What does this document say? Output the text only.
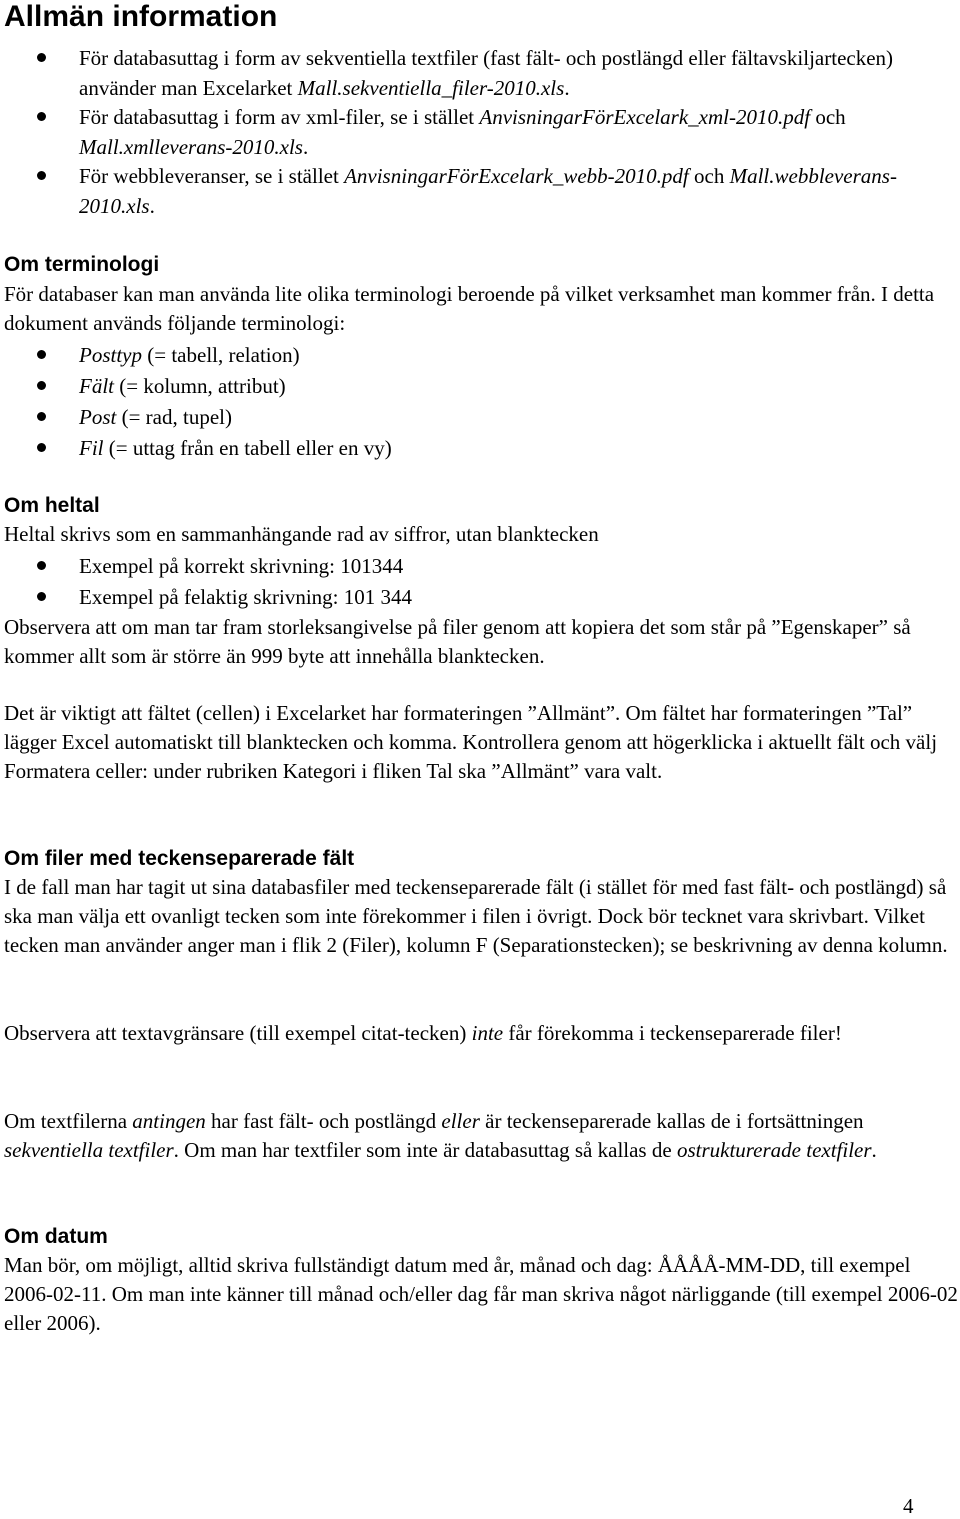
Allmän information
För databasuttag i form av sekventiella textfiler (fast fält- och postlängd eller fältavskiljartecken) använder man Excelarket Mall.sekventiella_filer-2010.xls.
För databasuttag i form av xml-filer, se i stället AnvisningarFörExcelark_xml-2010.pdf och Mall.xmlleverans-2010.xls.
För webbleveranser, se i stället AnvisningarFörExcelark_webb-2010.pdf och Mall.webbleverans-2010.xls.
Om terminologi
För databaser kan man använda lite olika terminologi beroende på vilket verksamhet man kommer från. I detta dokument används följande terminologi:
Posttyp (= tabell, relation)
Fält (= kolumn, attribut)
Post (= rad, tupel)
Fil (= uttag från en tabell eller en vy)
Om heltal
Heltal skrivs som en sammanhängande rad av siffror, utan blanktecken
Exempel på korrekt skrivning: 101344
Exempel på felaktig skrivning: 101 344
Observera att om man tar fram storleksangivelse på filer genom att kopiera det som står på ”Egenskaper” så kommer allt som är större än 999 byte att innehålla blanktecken.
Det är viktigt att fältet (cellen) i Excelarket har formateringen ”Allmänt”. Om fältet har formateringen ”Tal” lägger Excel automatiskt till blanktecken och komma. Kontrollera genom att högerklicka i aktuellt fält och välj Formatera celler: under rubriken Kategori i fliken Tal ska ”Allmänt” vara valt.
Om filer med teckenseparerade fält
I de fall man har tagit ut sina databasfiler med teckenseparerade fält (i stället för med fast fält- och postlängd) så ska man välja ett ovanligt tecken som inte förekommer i filen i övrigt. Dock bör tecknet vara skrivbart. Vilket tecken man använder anger man i flik 2 (Filer), kolumn F (Separationstecken); se beskrivning av denna kolumn.
Observera att textavgränsare (till exempel citat-tecken) inte får förekomma i teckenseparerade filer!
Om textfilerna antingen har fast fält- och postlängd eller är teckenseparerade kallas de i fortsättningen sekventiella textfiler. Om man har textfiler som inte är databasuttag så kallas de ostrukturerade textfiler.
Om datum
Man bör, om möjligt, alltid skriva fullständigt datum med år, månad och dag: ÅÅÅÅ-MM-DD, till exempel 2006-02-11. Om man inte känner till månad och/eller dag får man skriva något närliggande (till exempel 2006-02 eller 2006).
4
